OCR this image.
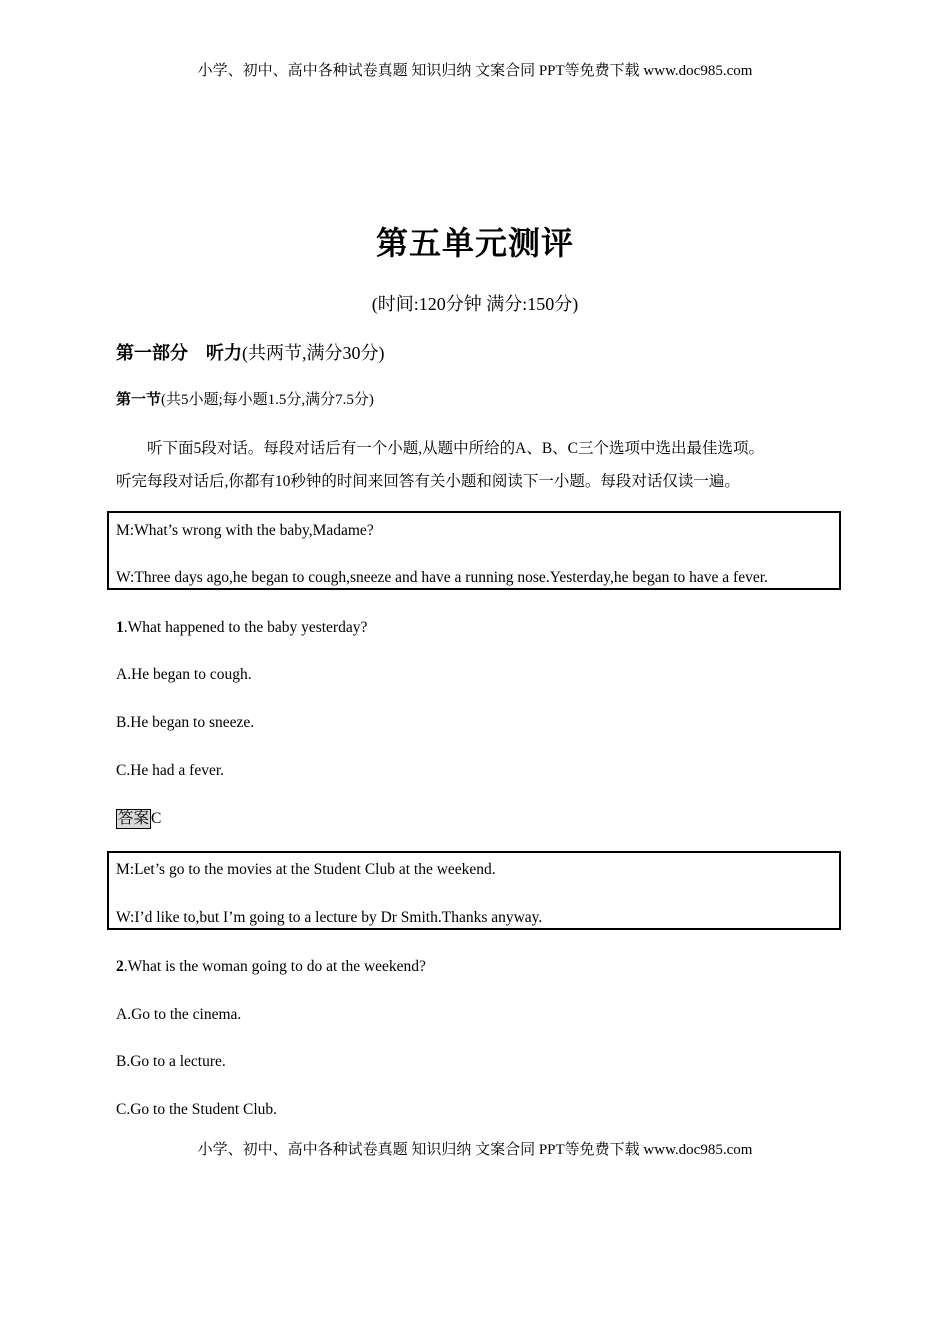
小学、初中、高中各种试卷真题 知识归纳 文案合同 PPT等免费下载 www.doc985.com
第五单元测评
(时间:120分钟 满分:150分)
第一部分　听力(共两节,满分30分)
第一节(共5小题;每小题1.5分,满分7.5分)
　　听下面5段对话。每段对话后有一个小题,从题中所给的A、B、C三个选项中选出最佳选项。
听完每段对话后,你都有10秒钟的时间来回答有关小题和阅读下一小题。每段对话仅读一遍。
M:What’s wrong with the baby,Madame?
W:Three days ago,he began to cough,sneeze and have a running nose.Yesterday,he began to have a fever.
1.What happened to the baby yesterday?
A.He began to cough.
B.He began to sneeze.
C.He had a fever.
答案 C
M:Let’s go to the movies at the Student Club at the weekend.
W:I’d like to,but I’m going to a lecture by Dr Smith.Thanks anyway.
2.What is the woman going to do at the weekend?
A.Go to the cinema.
B.Go to a lecture.
C.Go to the Student Club.
小学、初中、高中各种试卷真题 知识归纳 文案合同 PPT等免费下载 www.doc985.com
